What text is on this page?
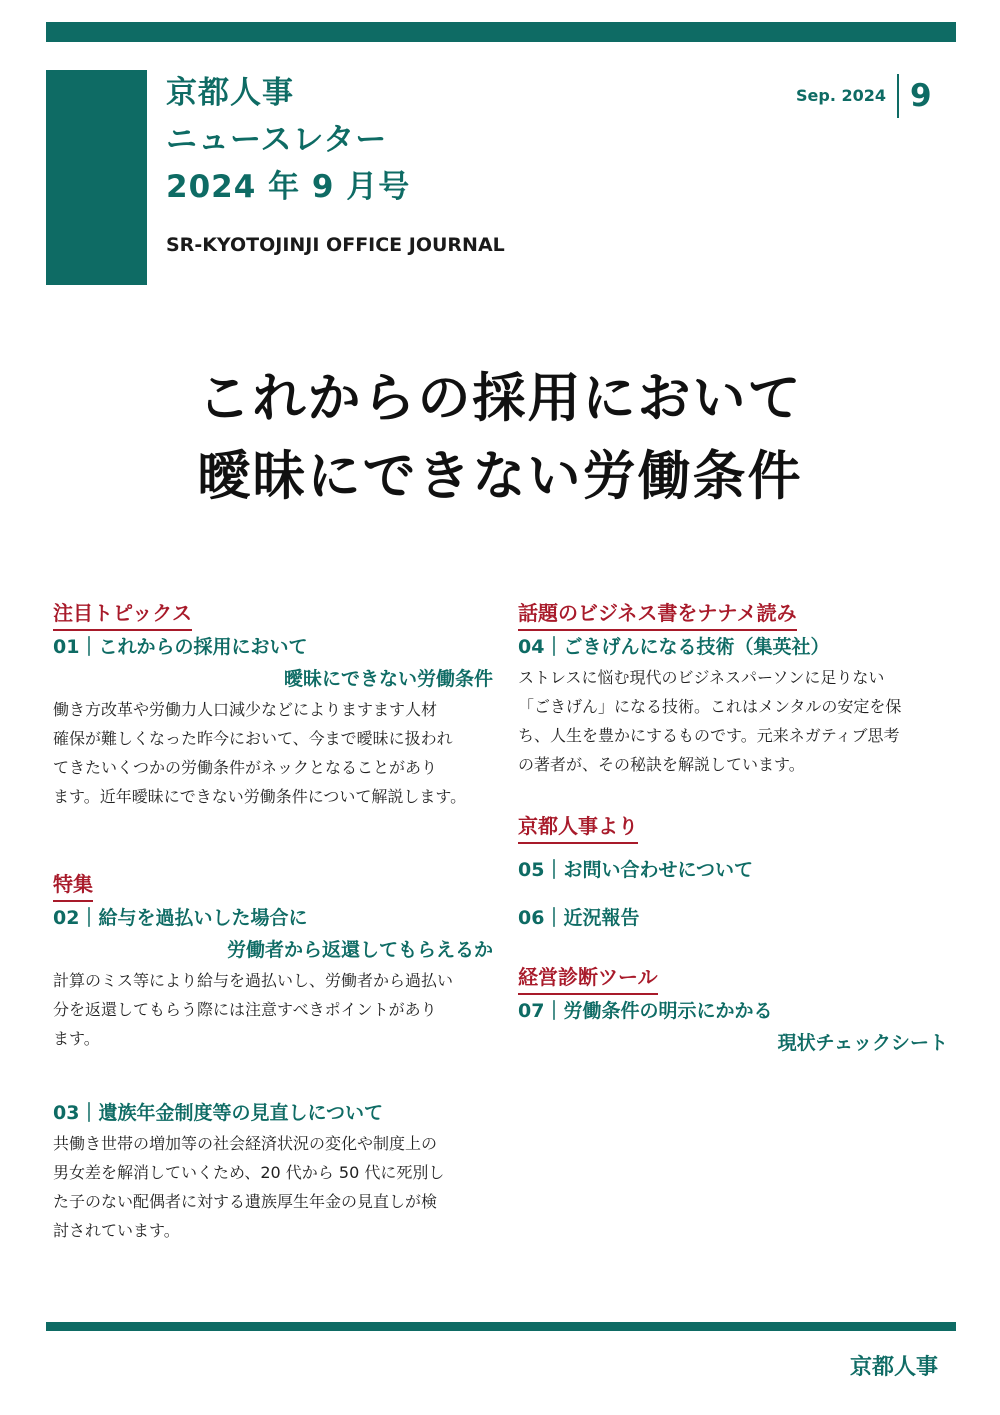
京都人事
ニュースレター
2024 年 9 月号
SR-KYOTOJINJI OFFICE JOURNAL
Sep. 2024 9
これからの採用において
曖昧にできない労働条件
注目トピックス
01｜これからの採用において
曖昧にできない労働条件
働き方改革や労働力人口減少などによりますます人材
確保が難しくなった昨今において、今まで曖昧に扱われ
てきたいくつかの労働条件がネックとなることがあり
ます。近年曖昧にできない労働条件について解説します。
特集
02｜給与を過払いした場合に
労働者から返還してもらえるか
計算のミス等により給与を過払いし、労働者から過払い
分を返還してもらう際には注意すべきポイントがあり
ます。
03｜遺族年金制度等の見直しについて
共働き世帯の増加等の社会経済状況の変化や制度上の
男女差を解消していくため、20 代から 50 代に死別し
た子のない配偶者に対する遺族厚生年金の見直しが検
討されています。
話題のビジネス書をナナメ読み
04｜ごきげんになる技術（集英社）
ストレスに悩む現代のビジネスパーソンに足りない
「ごきげん」になる技術。これはメンタルの安定を保
ち、人生を豊かにするものです。元来ネガティブ思考
の著者が、その秘訣を解説しています。
京都人事より
05｜お問い合わせについて
06｜近況報告
経営診断ツール
07｜労働条件の明示にかかる
現状チェックシート
京都人事
